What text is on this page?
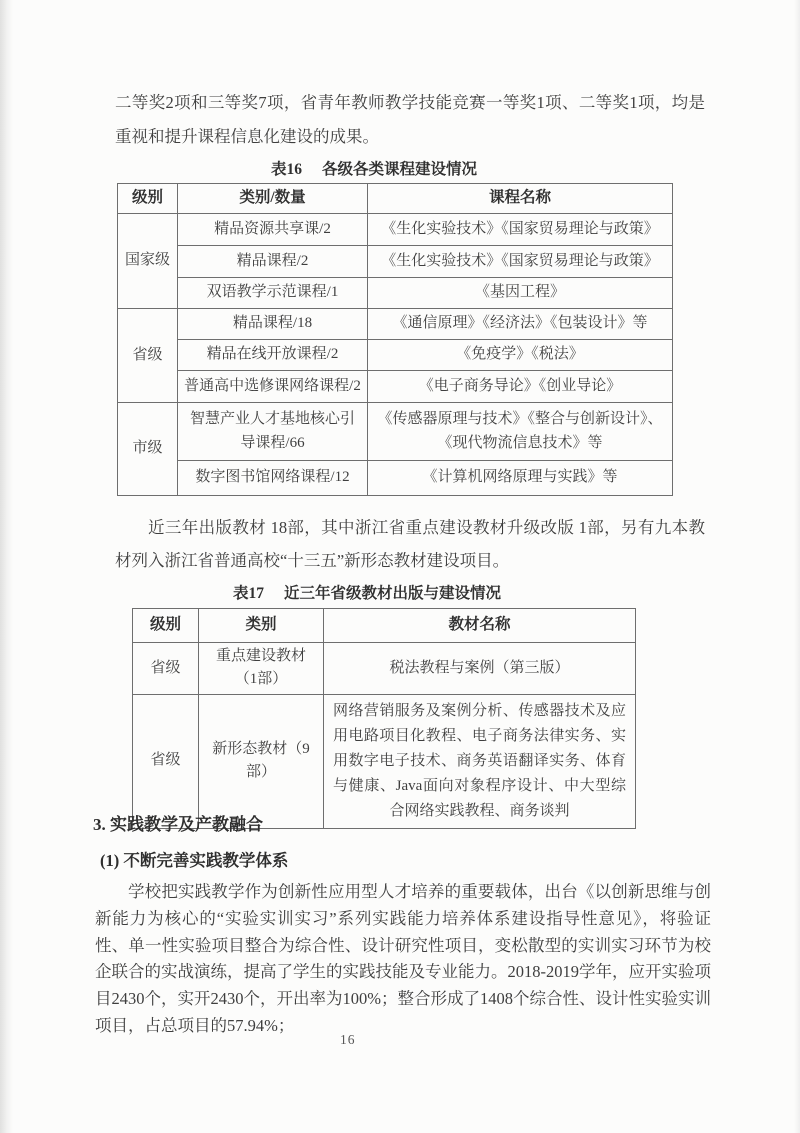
二等奖2项和三等奖7项，省青年教师教学技能竞赛一等奖1项、二等奖1项，均是重视和提升课程信息化建设的成果。

表16 各级各类课程建设情况
级别	类别/数量	课程名称
国家级	精品资源共享课/2	《生化实验技术》《国家贸易理论与政策》
	精品课程/2	《生化实验技术》《国家贸易理论与政策》
	双语教学示范课程/1	《基因工程》
省级	精品课程/18	《通信原理》《经济法》《包装设计》等
	精品在线开放课程/2	《免疫学》《税法》
	普通高中选修课网络课程/2	《电子商务导论》《创业导论》
市级	智慧产业人才基地核心引导课程/66	《传感器原理与技术》《整合与创新设计》、《现代物流信息技术》等
	数字图书馆网络课程/12	《计算机网络原理与实践》等

近三年出版教材 18部，其中浙江省重点建设教材升级改版 1部，另有九本教材列入浙江省普通高校“十三五”新形态教材建设项目。

表17 近三年省级教材出版与建设情况
级别	类别	教材名称
省级	重点建设教材（1部）	税法教程与案例（第三版）
省级	新形态教材（9部）	网络营销服务及案例分析、传感器技术及应用电路项目化教程、电子商务法律实务、实用数字电子技术、商务英语翻译实务、体育与健康、Java面向对象程序设计、中大型综合网络实践教程、商务谈判
3. 实践教学及产教融合
(1) 不断完善实践教学体系

学校把实践教学作为创新性应用型人才培养的重要载体，出台《以创新思维与创新能力为核心的“实验实训实习”系列实践能力培养体系建设指导性意见》，将验证性、单一性实验项目整合为综合性、设计研究性项目，变松散型的实训实习环节为校企联合的实战演练，提高了学生的实践技能及专业能力。2018-2019学年，应开实验项目2430个，实开2430个，开出率为100%；整合形成了1408个综合性、设计性实验实训项目，占总项目的57.94%；

16
